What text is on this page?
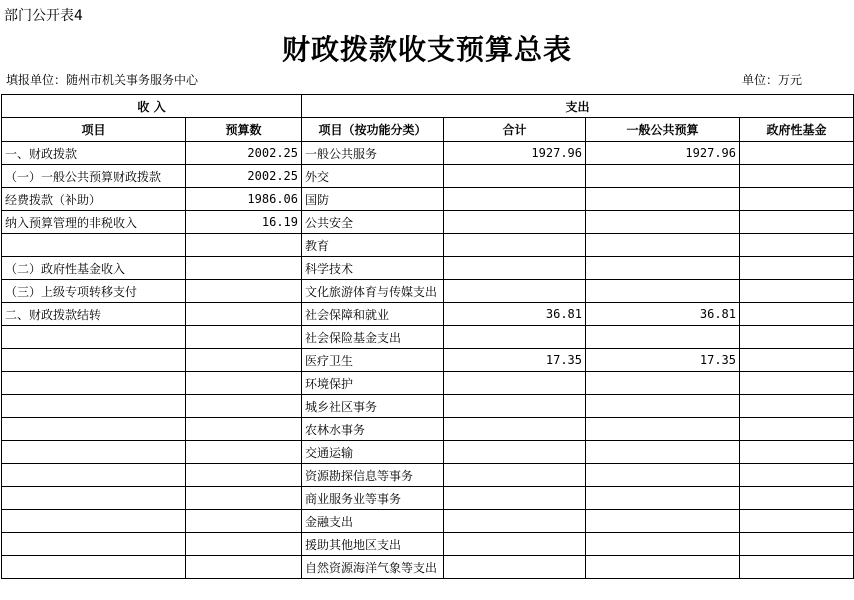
部门公开表4
财政拨款收支预算总表
填报单位：随州市机关事务服务中心	单位：万元
收 入		支出			
项目	预算数	项目（按功能分类）	合计	一般公共预算	政府性基金
一、财政拨款	2002.25	一般公共服务	1927.96	1927.96	
（一）一般公共预算财政拨款	2002.25	外交			
经费拨款（补助）	1986.06	国防			
纳入预算管理的非税收入	16.19	公共安全			
		教育			
（二）政府性基金收入		科学技术			
（三）上级专项转移支付		文化旅游体育与传媒支出			
二、财政拨款结转		社会保障和就业	36.81	36.81	
		社会保险基金支出			
		医疗卫生	17.35	17.35	
		环境保护			
		城乡社区事务			
		农林水事务			
		交通运输			
		资源勘探信息等事务			
		商业服务业等事务			
		金融支出			
		援助其他地区支出			
		自然资源海洋气象等支出			
